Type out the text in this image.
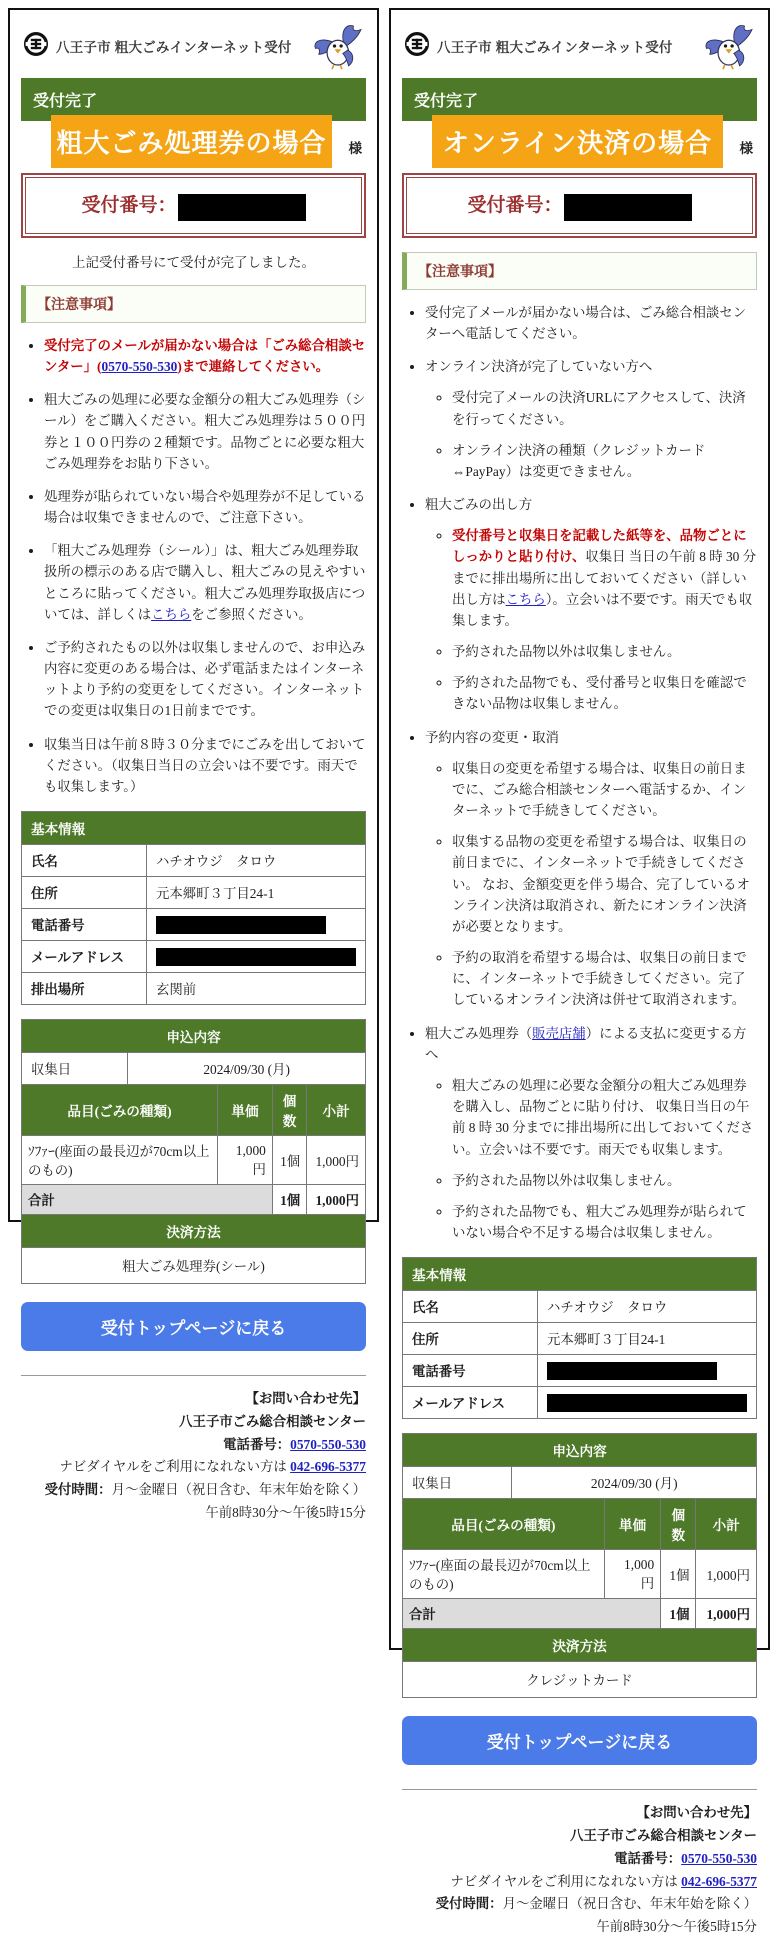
八王子市 粗大ごみインターネット受付
受付完了
粗大ごみ処理券の場合	様
受付番号：
上記受付番号にて受付が完了しました。
【注意事項】
• 受付完了のメールが届かない場合は「ごみ総合相談センター」(0570-550-530)まで連絡してください。
• 粗大ごみの処理に必要な金額分の粗大ごみ処理券（シール）をご購入ください。粗大ごみ処理券は５００円券と１００円券の２種類です。品物ごとに必要な粗大ごみ処理券をお貼り下さい。
• 処理券が貼られていない場合や処理券が不足している場合は収集できませんので、ご注意下さい。
• 「粗大ごみ処理券（シール）」は、粗大ごみ処理券取扱所の標示のある店で購入し、粗大ごみの見えやすいところに貼ってください。粗大ごみ処理券取扱店については、詳しくはこちらをご参照ください。
• ご予約されたもの以外は収集しませんので、お申込み内容に変更のある場合は、必ず電話またはインターネットより予約の変更をしてください。インターネットでの変更は収集日の1日前までです。
• 収集当日は午前８時３０分までにごみを出しておいてください。（収集日当日の立会いは不要です。雨天でも収集します。）
基本情報	
氏名	ハチオウジ　タロウ
住所	元本郷町３丁目24-1
電話番号	
メールアドレス	
排出場所	玄関前
申込内容
収集日	2024/09/30 (月)
品目(ごみの種類)	単価	個数	小計
ｿﾌｧｰ(座面の最長辺が70cm以上のもの)	1,000円	1個	1,000円
合計		1個	1,000円
決済方法
粗大ごみ処理券(シール)
受付トップページに戻る
【お問い合わせ先】
八王子市ごみ総合相談センター
電話番号：0570-550-530
ナビダイヤルをご利用になれない方は 042-696-5377
受付時間：月～金曜日（祝日含む、年末年始を除く）
午前8時30分～午後5時15分
八王子市 粗大ごみインターネット受付
受付完了
オンライン決済の場合	様
受付番号：
【注意事項】
• 受付完了メールが届かない場合は、ごみ総合相談センターへ電話してください。
• オンライン決済が完了していない方へ
◦ 受付完了メールの決済URLにアクセスして、決済を行ってください。
◦ オンライン決済の種類（クレジットカード⇔PayPay）は変更できません。
• 粗大ごみの出し方
◦ 受付番号と収集日を記載した紙等を、品物ごとにしっかりと貼り付け、収集日 当日の午前 8 時 30 分までに排出場所に出しておいてください（詳しい出し方はこちら）。立会いは不要です。雨天でも収集します。
◦ 予約された品物以外は収集しません。
◦ 予約された品物でも、受付番号と収集日を確認できない品物は収集しません。
• 予約内容の変更・取消
◦ 収集日の変更を希望する場合は、収集日の前日までに、ごみ総合相談センターへ電話するか、インターネットで手続きしてください。
◦ 収集する品物の変更を希望する場合は、収集日の前日までに、インターネットで手続きしてください。 なお、金額変更を伴う場合、完了しているオンライン決済は取消され、新たにオンライン決済が必要となります。
◦ 予約の取消を希望する場合は、収集日の前日までに、インターネットで手続きしてください。完了しているオンライン決済は併せて取消されます。
• 粗大ごみ処理券（販売店舗）による支払に変更する方へ
◦ 粗大ごみの処理に必要な金額分の粗大ごみ処理券を購入し、品物ごとに貼り付け、 収集日当日の午前 8 時 30 分までに排出場所に出しておいてください。立会いは不要です。雨天でも収集します。
◦ 予約された品物以外は収集しません。
◦ 予約された品物でも、粗大ごみ処理券が貼られていない場合や不足する場合は収集しません。
基本情報	
氏名	ハチオウジ　タロウ
住所	元本郷町３丁目24-1
電話番号	
メールアドレス	
申込内容
収集日	2024/09/30 (月)
品目(ごみの種類)	単価	個数	小計
ｿﾌｧｰ(座面の最長辺が70cm以上のもの)	1,000円	1個	1,000円
合計		1個	1,000円
決済方法
クレジットカード
受付トップページに戻る
【お問い合わせ先】
八王子市ごみ総合相談センター
電話番号：0570-550-530
ナビダイヤルをご利用になれない方は 042-696-5377
受付時間：月～金曜日（祝日含む、年末年始を除く）
午前8時30分～午後5時15分
